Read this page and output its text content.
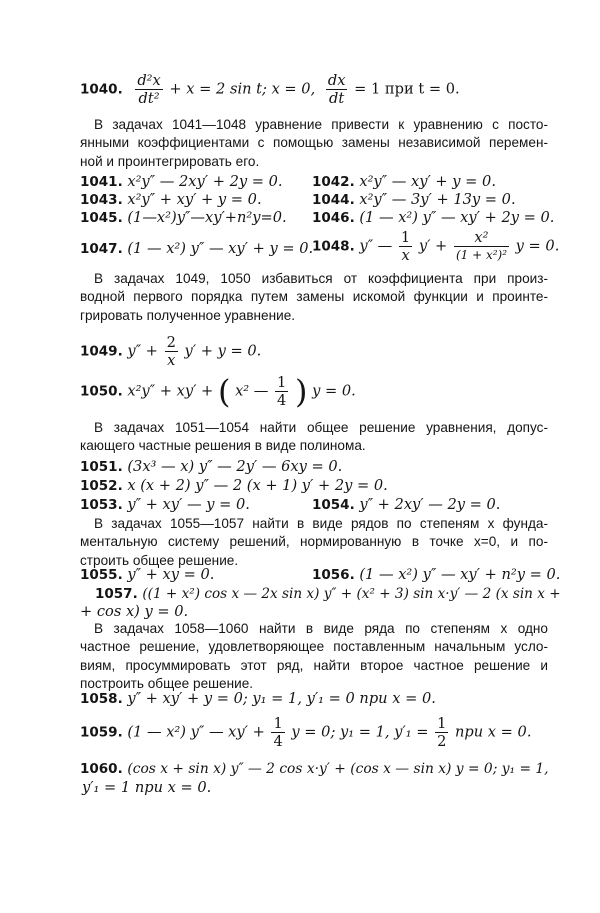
1040. $\frac{\text{d²x}}{\text{dt²}} + x = 2$ sin t; x = 0, $\frac{dx}{dt} = 1$ при t = 0.
В задачах 1041—1048 уравнение привести к уравнению с посто-
янными коэффициентами с помощью замены независимой перемен-
ной и проинтегрировать его.
1041. x²y″ — 2xy′ + 2y = 0. 1042. x²y″ — xy′ + y = 0.
1043. x²y″ + xy′ + y = 0.	1044. x²y″ — 3y′ + 13y = 0.
1045. (1—x²)y″—xy′+n²y=0. 1046. (1 — x²) y″ — xy′ + 2y = 0.
1047. (1 — x²) y″ — xy′ + y = 0.
1048. y″ — $\frac{1}{x} y' + \frac{\text{x²}}{\text{(1 + x²)²}}$ y = 0.
В задачах 1049, 1050 избавиться от коэффициента при произ-
водной первого порядка путем замены искомой функции и проинте-
грировать полученное уравнение.
1049. $y'' + \frac{2}{x} y' + y = 0$.
1050. x²y″ + xy′ + ( x² — $\frac{1}{4}$ ) y = 0.
В задачах 1051—1054 найти общее решение уравнения, допус-
кающего частные решения в виде полинома.
1051. (3x³ — x) y″ — 2y′ — 6xy = 0.
1052. x (x + 2) y″ — 2 (x + 1) y′ + 2y = 0.
1053. y″ + xy′ — y = 0.	1054. y″ + 2xy′ — 2y = 0.
В задачах 1055—1057 найти в виде рядов по степеням x фунда-
ментальную систему решений, нормированную в точке x=0, и по-
строить общее решение.
1055. y″ + xy = 0.	1056. (1 — x²) y″ — xy′ + n²y = 0.
1057. ((1 + x²) cos x — 2x sin x) y″ + (x² + 3) sin x·y′ — 2 (x sin x +
+ cos x) y = 0.
В задачах 1058—1060 найти в виде ряда по степеням x одно
частное решение, удовлетворяющее поставленным начальным усло-
виям, просуммировать этот ряд, найти второе частное решение и
построить общее решение.
1058. y″ + xy′ + y = 0; y₁ = 1, y′₁ = 0 при x = 0.
1059. (1 — x²) y″ — $xy' + \frac{1}{4}$ y = 0; y₁ = 1, $y'_1 = \frac{1}{2}$ при x = 0.
1060. (cos x + sin x) y″ — 2 cos x·y′ + (cos x — sin x) y = 0; y₁ = 1,
y′₁ = 1 при x = 0.
